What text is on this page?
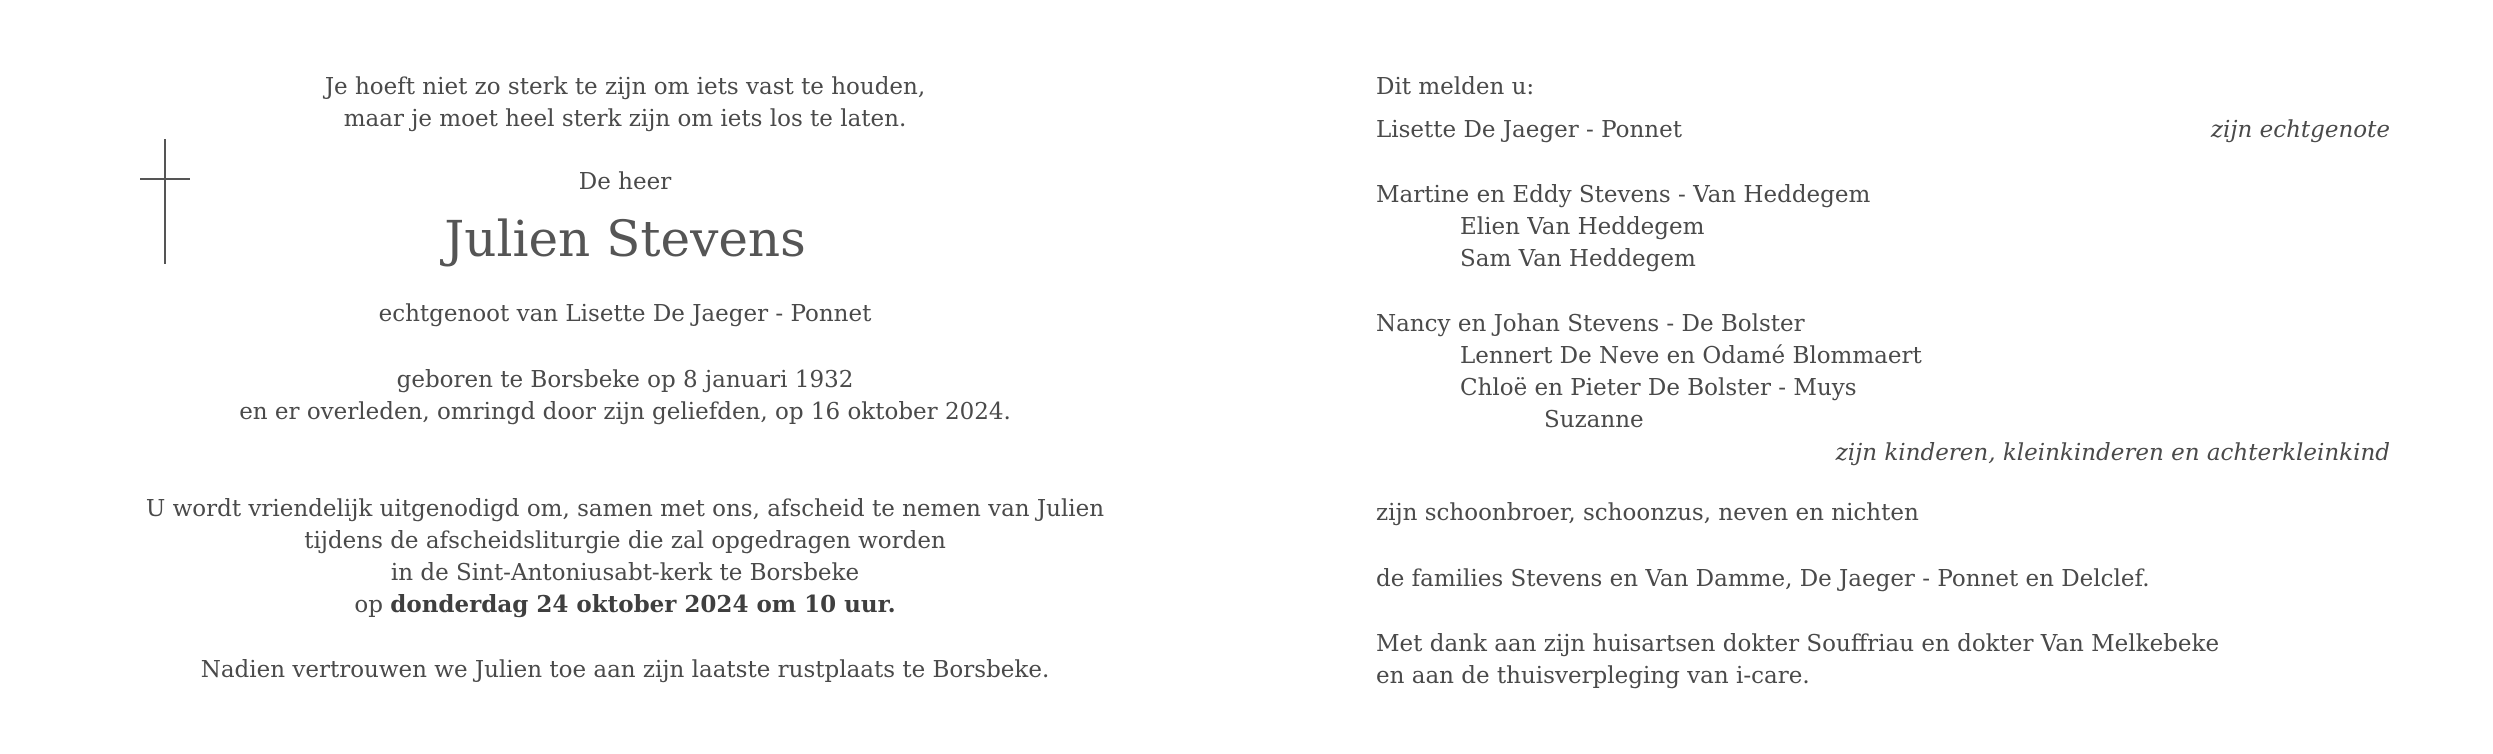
Je hoeft niet zo sterk te zijn om iets vast te houden,
maar je moet heel sterk zijn om iets los te laten.
De heer
Julien Stevens
echtgenoot van Lisette De Jaeger - Ponnet
geboren te Borsbeke op 8 januari 1932
en er overleden, omringd door zijn geliefden, op 16 oktober 2024.
U wordt vriendelijk uitgenodigd om, samen met ons, afscheid te nemen van Julien
tijdens de afscheidsliturgie die zal opgedragen worden
in de Sint-Antoniusabt-kerk te Borsbeke
op donderdag 24 oktober 2024 om 10 uur.
Nadien vertrouwen we Julien toe aan zijn laatste rustplaats te Borsbeke.
Dit melden u:
Lisette De Jaeger - Ponnet	zijn echtgenote
Martine en Eddy Stevens - Van Heddegem
Elien Van Heddegem
Sam Van Heddegem
Nancy en Johan Stevens - De Bolster
Lennert De Neve en Odamé Blommaert
Chloë en Pieter De Bolster - Muys
Suzanne
zijn kinderen, kleinkinderen en achterkleinkind
zijn schoonbroer, schoonzus, neven en nichten
de families Stevens en Van Damme, De Jaeger - Ponnet en Delclef.
Met dank aan zijn huisartsen dokter Souffriau en dokter Van Melkebeke
en aan de thuisverpleging van i-care.
